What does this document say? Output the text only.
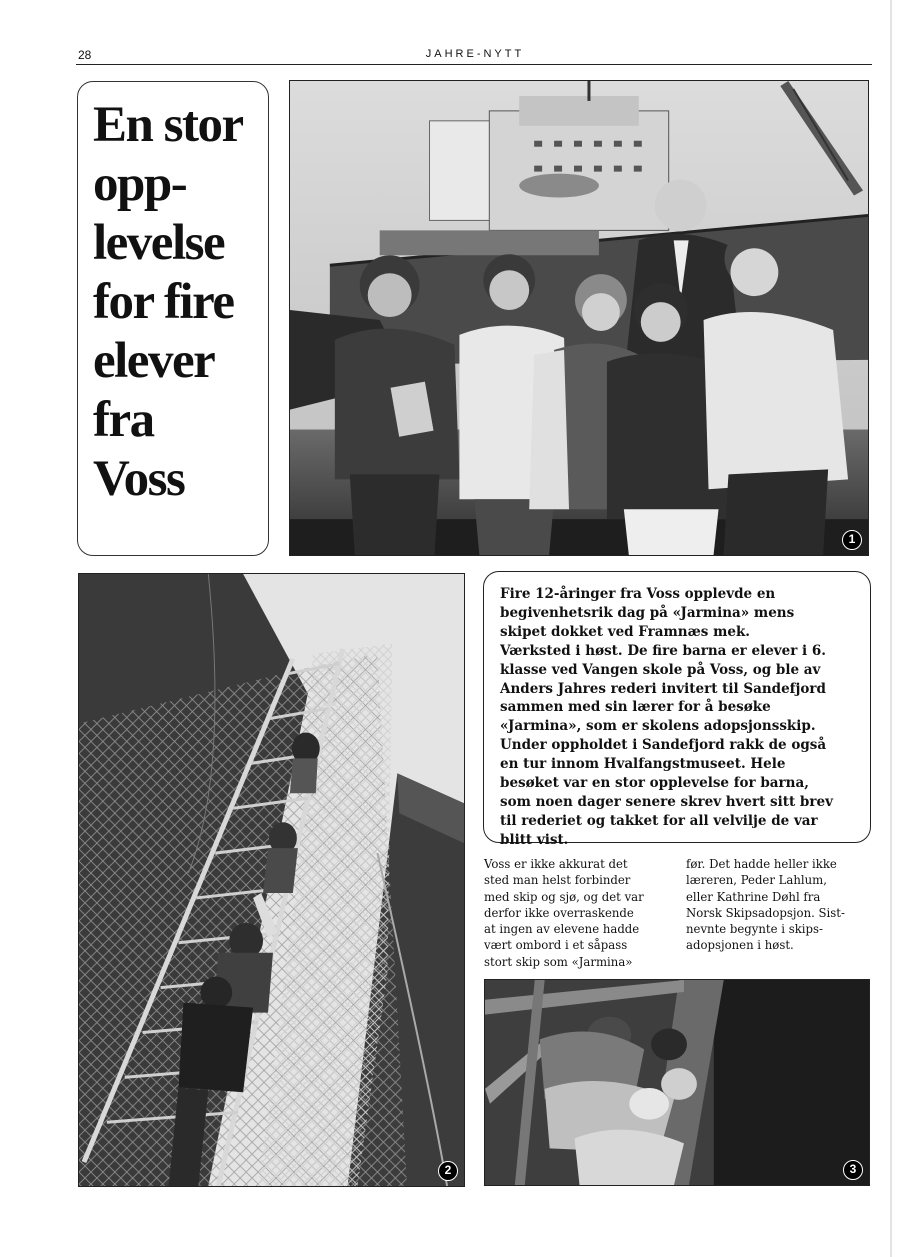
28	JAHRE-NYTT
En stor
opp-
levelse
for fire
elever
fra
Voss
1
2
Fire 12-åringer fra Voss opplevde en
begivenhetsrik dag på «Jarmina» mens
skipet dokket ved Framnæs mek.
Værksted i høst. De fire barna er elever i 6.
klasse ved Vangen skole på Voss, og ble av
Anders Jahres rederi invitert til Sandefjord
sammen med sin lærer for å besøke
«Jarmina», som er skolens adopsjonsskip.
Under oppholdet i Sandefjord rakk de også
en tur innom Hvalfangstmuseet. Hele
besøket var en stor opplevelse for barna,
som noen dager senere skrev hvert sitt brev
til rederiet og takket for all velvilje de var
blitt vist.
Voss er ikke akkurat det
sted man helst forbinder
med skip og sjø, og det var
derfor ikke overraskende
at ingen av elevene hadde
vært ombord i et såpass
stort skip som «Jarmina»
før. Det hadde heller ikke
læreren, Peder Lahlum,
eller Kathrine Døhl fra
Norsk Skipsadopsjon. Sist-
nevnte begynte i skips-
adopsjonen i høst.
3
